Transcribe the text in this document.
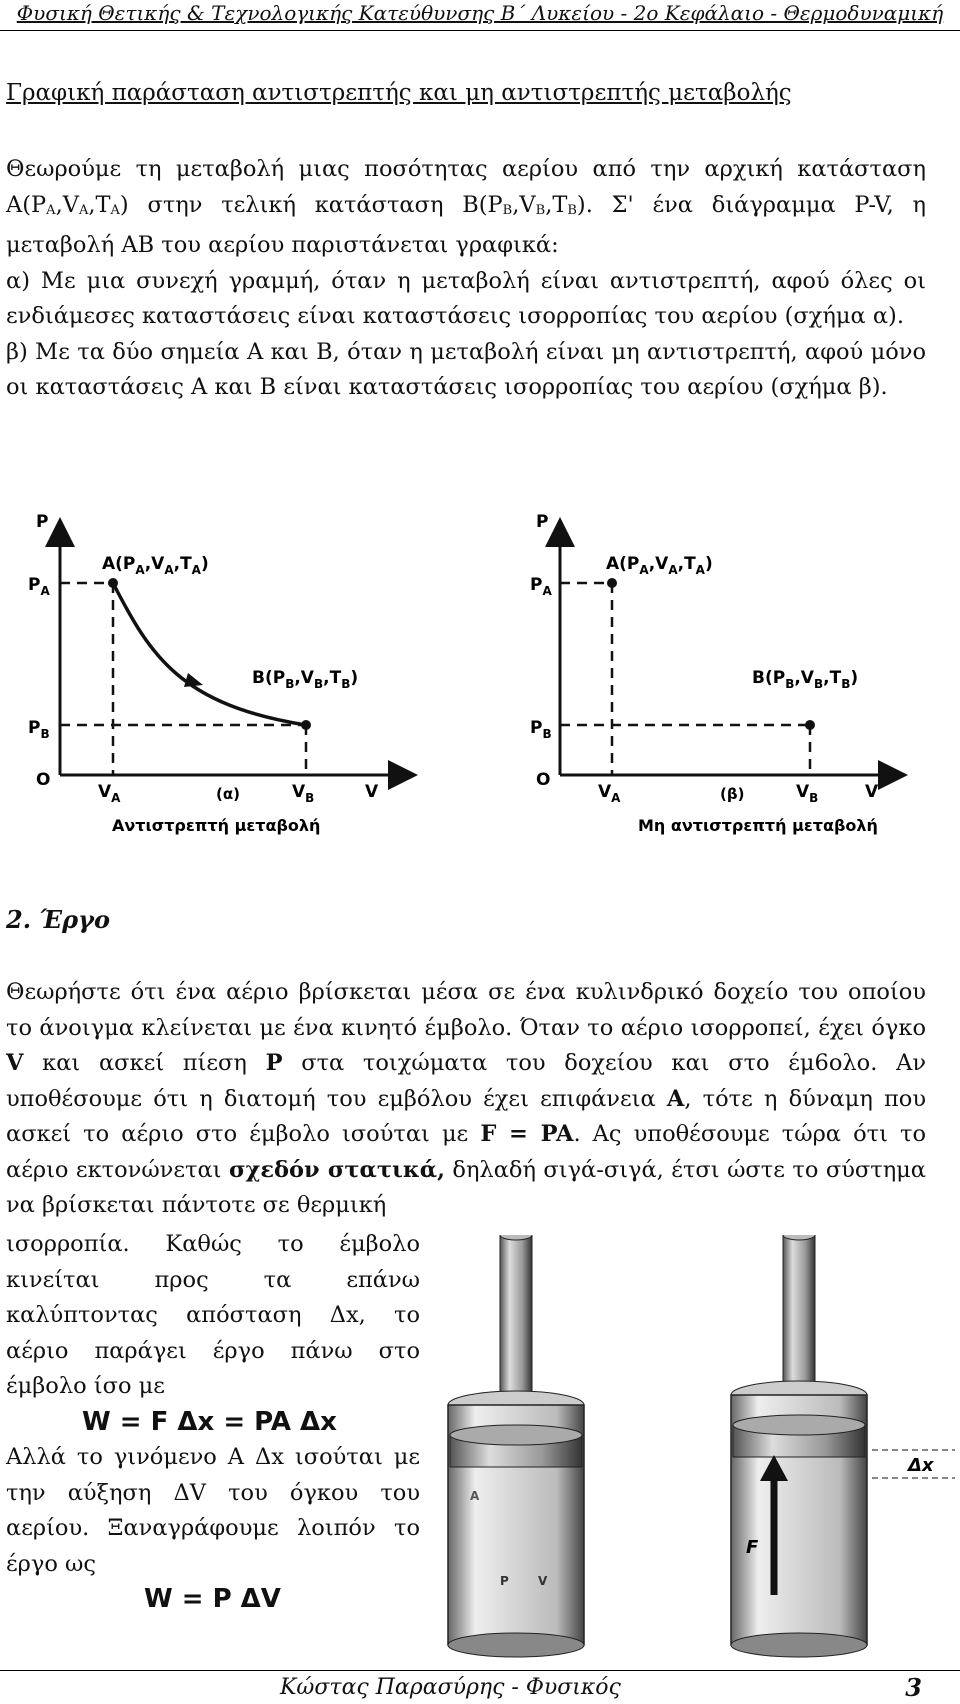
Φυσική Θετικής & Τεχνολογικής Κατεύθυνσης Β΄ Λυκείου - 2ο Κεφάλαιο - Θερμοδυναμική
Γραφική παράσταση αντιστρεπτής και μη αντιστρεπτής μεταβολής

Θεωρούμε τη μεταβολή μιας ποσότητας αερίου από την αρχική κατάσταση $A(P_A,V_A,T_A)$ στην τελική κατάσταση $B(P_B,V_B,T_B)$. Σ' ένα διάγραμμα P-V, η μεταβολή ΑΒ του αερίου παριστάνεται γραφικά:

α) Με μια συνεχή γραμμή, όταν η μεταβολή είναι αντιστρεπτή, αφού όλες οι ενδιάμεσες καταστάσεις είναι καταστάσεις ισορροπίας του αερίου (σχήμα α).

β) Με τα δύο σημεία Α και Β, όταν η μεταβολή είναι μη αντιστρεπτή, αφού μόνο οι καταστάσεις Α και Β είναι καταστάσεις ισορροπίας του αερίου (σχήμα β).

P
$P_A$
$P_B$
O
$V_A$	$V_B$	V
$A(P_A,V_A,T_A)$
$B(P_B,V_B,T_B)$
(α)
Αντιστρεπτή μεταβολή
P
$P_A$
$P_B$
O
$V_A$	$V_B$	V
$A(P_A,V_A,T_A)$
$B(P_B,V_B,T_B)$
(β)
Μη αντιστρεπτή μεταβολή
2. Έργο

Θεωρήστε ότι ένα αέριο βρίσκεται μέσα σε ένα κυλινδρικό δοχείο του οποίου το άνοιγμα κλείνεται με ένα κινητό έμβολο. Όταν το αέριο ισορροπεί, έχει όγκο V και ασκεί πίεση P στα τοιχώματα του δοχείου και στο έμ6ολο. Αν υποθέσουμε ότι η διατομή του εμβόλου έχει επιφάνεια A, τότε η δύναμη που ασκεί το αέριο στο έμβολο ισούται με F = PA. Ας υποθέσουμε τώρα ότι το αέριο εκτονώνεται σχεδόν στατικά, δηλαδή σιγά-σιγά, έτσι ώστε το σύστημα να βρίσκεται πάντοτε σε θερμική

ισορροπία. Καθώς το έμβολο κινείται προς τα επάνω καλύπτοντας απόσταση Δx, το αέριο παράγει έργο πάνω στο έμβολο ίσο με
W = F Δx = PA Δx
Αλλά το γινόμενο Α Δx ισούται με την αύξηση ΔV του όγκου του αερίου. Ξαναγράφουμε λοιπόν το έργο ως
W = P ΔV
A
P V
F
Δx
Κώστας Παρασύρης - Φυσικός	3
